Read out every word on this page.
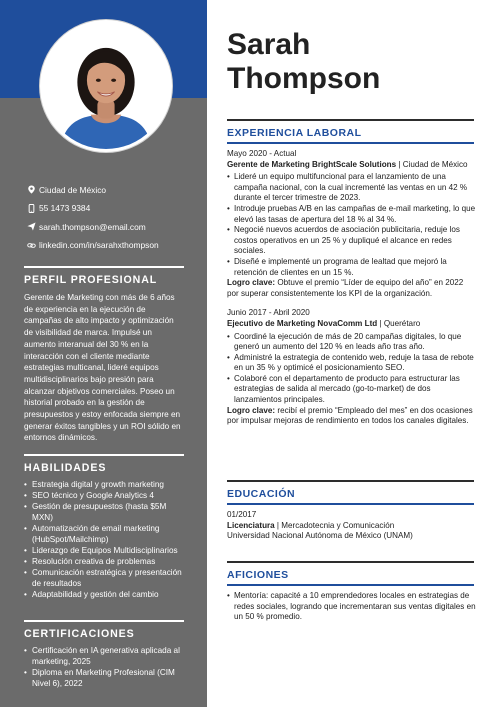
Ciudad de México
55 1473 9384
sarah.thompson@email.com
linkedin.com/in/sarahxthompson
PERFIL PROFESIONAL
Gerente de Marketing con más de 6 años de experiencia en la ejecución de campañas de alto impacto y optimización de visibilidad de marca. Impulsé un aumento interanual del 30 % en la interacción con el cliente mediante estrategias multicanal, lideré equipos multidisciplinarios bajo presión para alcanzar objetivos comerciales. Poseo un historial probado en la gestión de presupuestos y estoy enfocada siempre en generar éxitos tangibles y un ROI sólido en entornos dinámicos.
HABILIDADES
• Estrategia digital y growth marketing
• SEO técnico y Google Analytics 4
• Gestión de presupuestos (hasta $5M MXN)
• Automatización de email marketing (HubSpot/Mailchimp)
• Liderazgo de Equipos Multidisciplinarios
• Resolución creativa de problemas
• Comunicación estratégica y presentación de resultados
• Adaptabilidad y gestión del cambio
CERTIFICACIONES
• Certificación en IA generativa aplicada al marketing, 2025
• Diploma en Marketing Profesional (CIM Nivel 6), 2022
Sarah
Thompson
EXPERIENCIA LABORAL
Mayo 2020 - Actual
Gerente de Marketing BrightScale Solutions | Ciudad de México
• Lideré un equipo multifuncional para el lanzamiento de una campaña nacional, con la cual incrementé las ventas en un 42 % durante el tercer trimestre de 2023.
• Introduje pruebas A/B en las campañas de e-mail marketing, lo que elevó las tasas de apertura del 18 % al 34 %.
• Negocié nuevos acuerdos de asociación publicitaria, reduje los costos operativos en un 25 % y dupliqué el alcance en redes sociales.
• Diseñé e implementé un programa de lealtad que mejoró la retención de clientes en un 15 %.
Logro clave: Obtuve el premio “Líder de equipo del año” en 2022 por superar consistentemente los KPI de la organización.
Junio 2017 - Abril 2020
Ejecutivo de Marketing NovaComm Ltd | Querétaro
• Coordiné la ejecución de más de 20 campañas digitales, lo que generó un aumento del 120 % en leads año tras año.
• Administré la estrategia de contenido web, reduje la tasa de rebote en un 35 % y optimicé el posicionamiento SEO.
• Colaboré con el departamento de producto para estructurar las estrategias de salida al mercado (go-to-market) de dos lanzamientos principales.
Logro clave: recibí el premio “Empleado del mes” en dos ocasiones por impulsar mejoras de rendimiento en todos los canales digitales.
EDUCACIÓN
01/2017
Licenciatura | Mercadotecnia y Comunicación
Universidad Nacional Autónoma de México (UNAM)
AFICIONES
• Mentoría: capacité a 10 emprendedores locales en estrategias de redes sociales, logrando que incrementaran sus ventas digitales en un 50 % promedio.
